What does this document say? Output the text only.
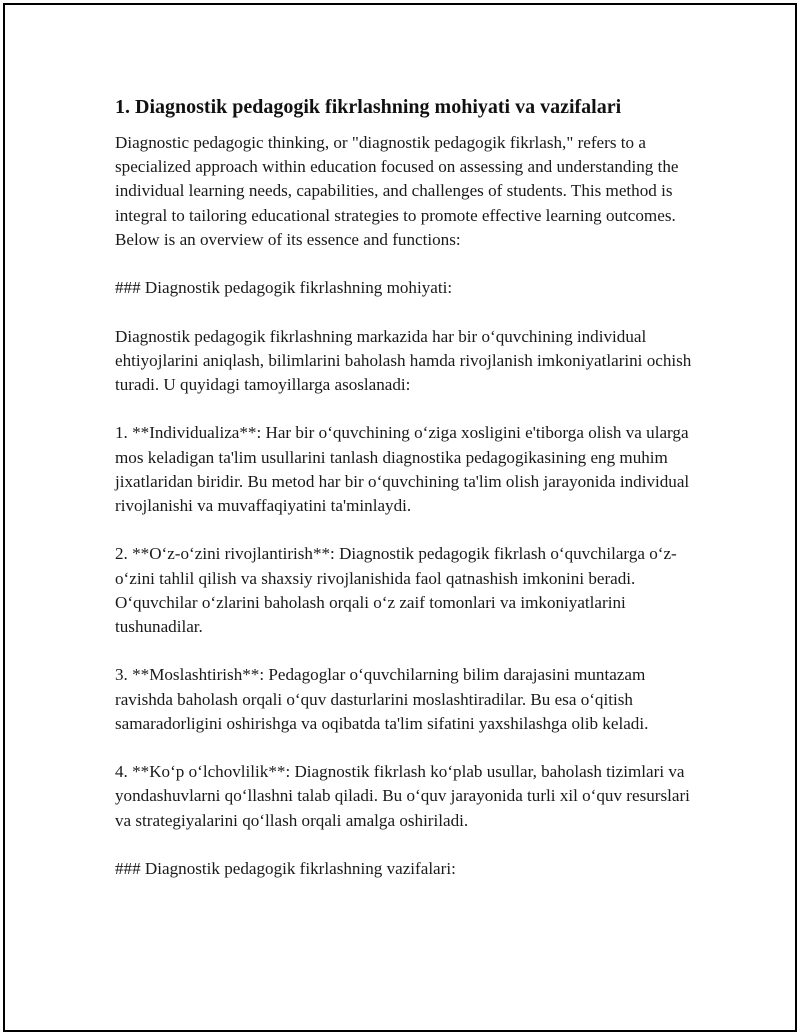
1. Diagnostik pedagogik fikrlashning mohiyati va vazifalari

Diagnostic pedagogic thinking, or "diagnostik pedagogik fikrlash," refers to a specialized approach within education focused on assessing and understanding the individual learning needs, capabilities, and challenges of students. This method is integral to tailoring educational strategies to promote effective learning outcomes. Below is an overview of its essence and functions:

### Diagnostik pedagogik fikrlashning mohiyati:

Diagnostik pedagogik fikrlashning markazida har bir oʻquvchining individual ehtiyojlarini aniqlash, bilimlarini baholash hamda rivojlanish imkoniyatlarini ochish turadi. U quyidagi tamoyillarga asoslanadi:

1. **Individualiza**: Har bir oʻquvchining oʻziga xosligini e'tiborga olish va ularga mos keladigan ta'lim usullarini tanlash diagnostika pedagogikasining eng muhim jixatlaridan biridir. Bu metod har bir oʻquvchining ta'lim olish jarayonida individual rivojlanishi va muvaffaqiyatini ta'minlaydi.

2. **Oʻz-oʻzini rivojlantirish**: Diagnostik pedagogik fikrlash oʻquvchilarga oʻz-oʻzini tahlil qilish va shaxsiy rivojlanishida faol qatnashish imkonini beradi. Oʻquvchilar oʻzlarini baholash orqali oʻz zaif tomonlari va imkoniyatlarini tushunadilar.

3. **Moslashtirish**: Pedagoglar oʻquvchilarning bilim darajasini muntazam ravishda baholash orqali oʻquv dasturlarini moslashtiradilar. Bu esa oʻqitish samaradorligini oshirishga va oqibatda ta'lim sifatini yaxshilashga olib keladi.

4. **Koʻp oʻlchovlilik**: Diagnostik fikrlash koʻplab usullar, baholash tizimlari va yondashuvlarni qoʻllashni talab qiladi. Bu oʻquv jarayonida turli xil oʻquv resurslari va strategiyalarini qoʻllash orqali amalga oshiriladi.

### Diagnostik pedagogik fikrlashning vazifalari:
